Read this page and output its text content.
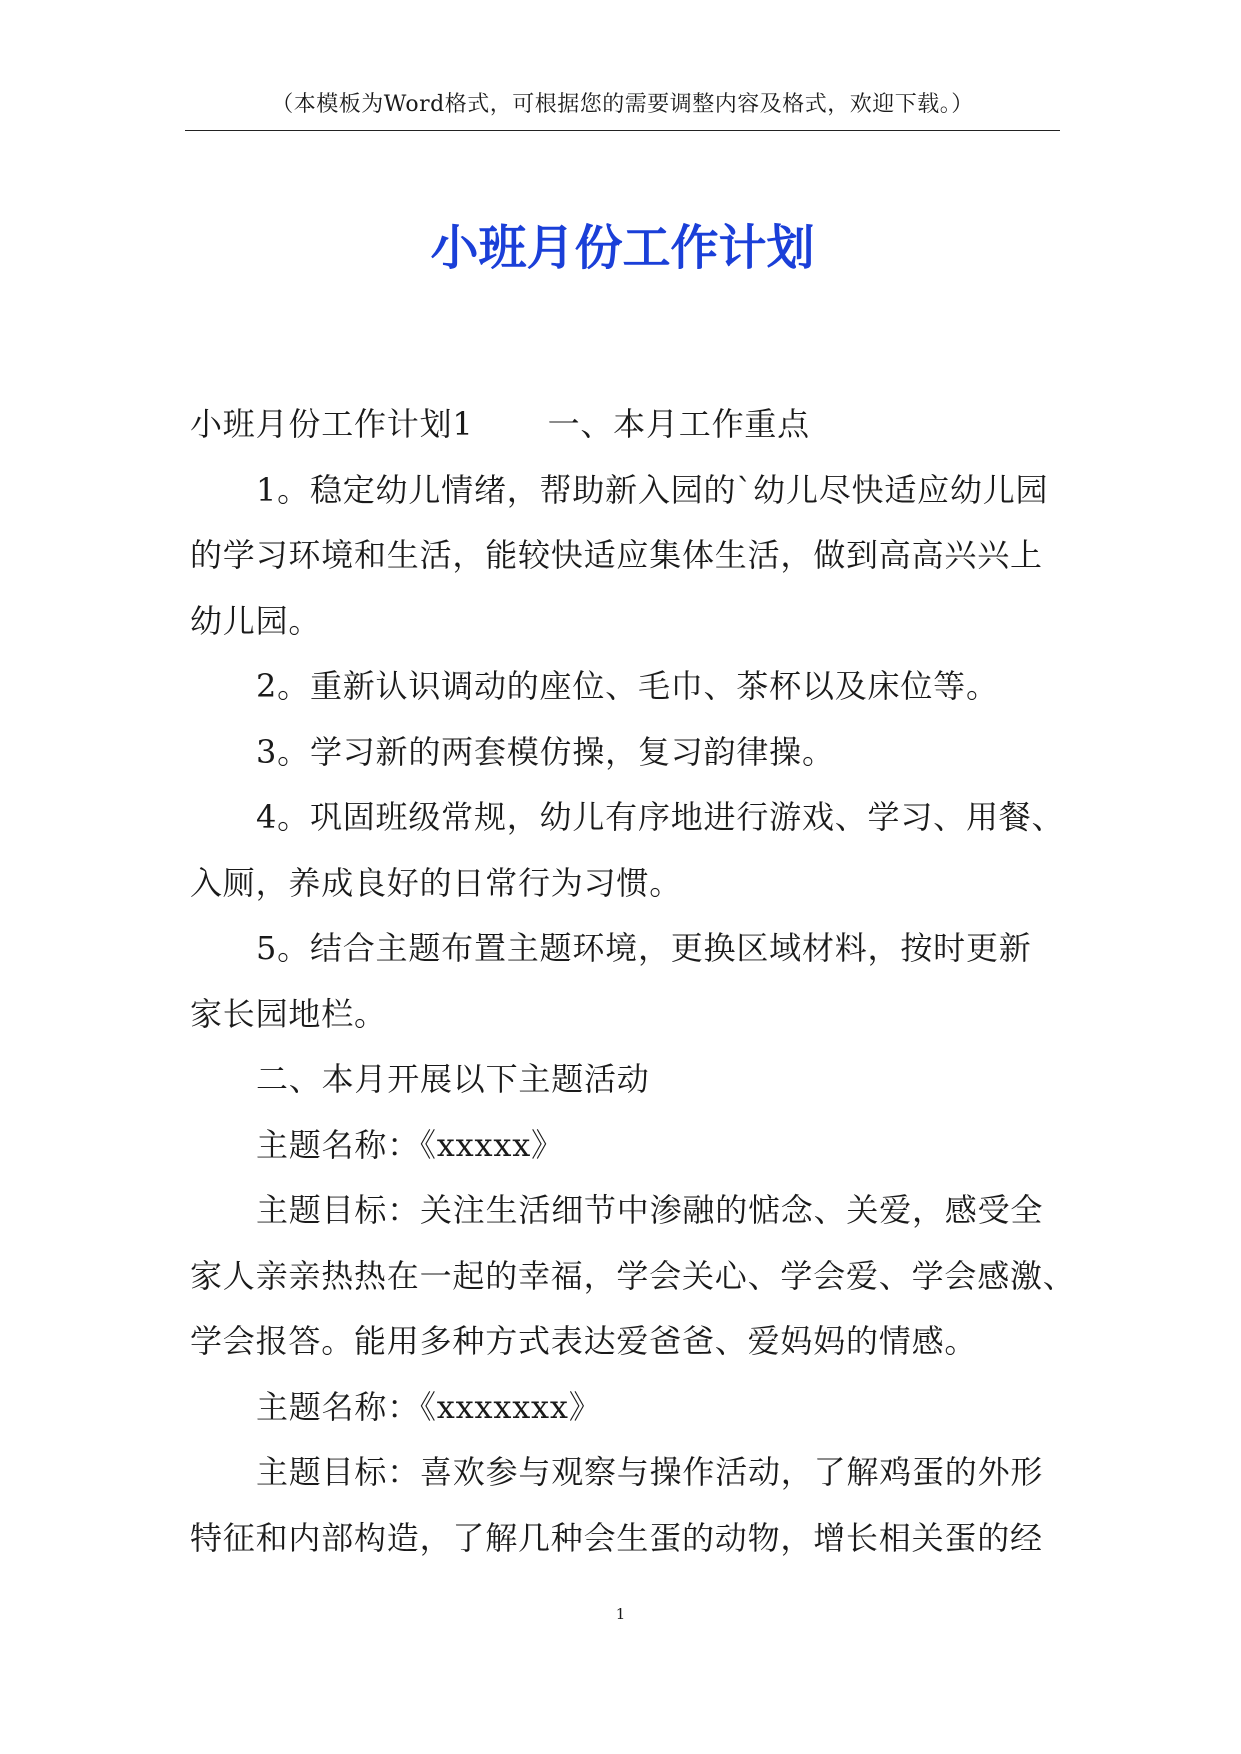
（本模板为Word格式，可根据您的需要调整内容及格式，欢迎下载。）
小班月份工作计划
小班月份工作计划1 一、本月工作重点
1。稳定幼儿情绪，帮助新入园的`幼儿尽快适应幼儿园
的学习环境和生活，能较快适应集体生活，做到高高兴兴上
幼儿园。
2。重新认识调动的座位、毛巾、茶杯以及床位等。
3。学习新的两套模仿操，复习韵律操。
4。巩固班级常规，幼儿有序地进行游戏、学习、用餐、
入厕，养成良好的日常行为习惯。
5。结合主题布置主题环境，更换区域材料，按时更新
家长园地栏。
二、本月开展以下主题活动
主题名称：《xxxxx》
主题目标：关注生活细节中渗融的惦念、关爱，感受全
家人亲亲热热在一起的幸福，学会关心、学会爱、学会感激、
学会报答。能用多种方式表达爱爸爸、爱妈妈的情感。
主题名称：《xxxxxxx》
主题目标：喜欢参与观察与操作活动，了解鸡蛋的外形
特征和内部构造，了解几种会生蛋的动物，增长相关蛋的经
1
